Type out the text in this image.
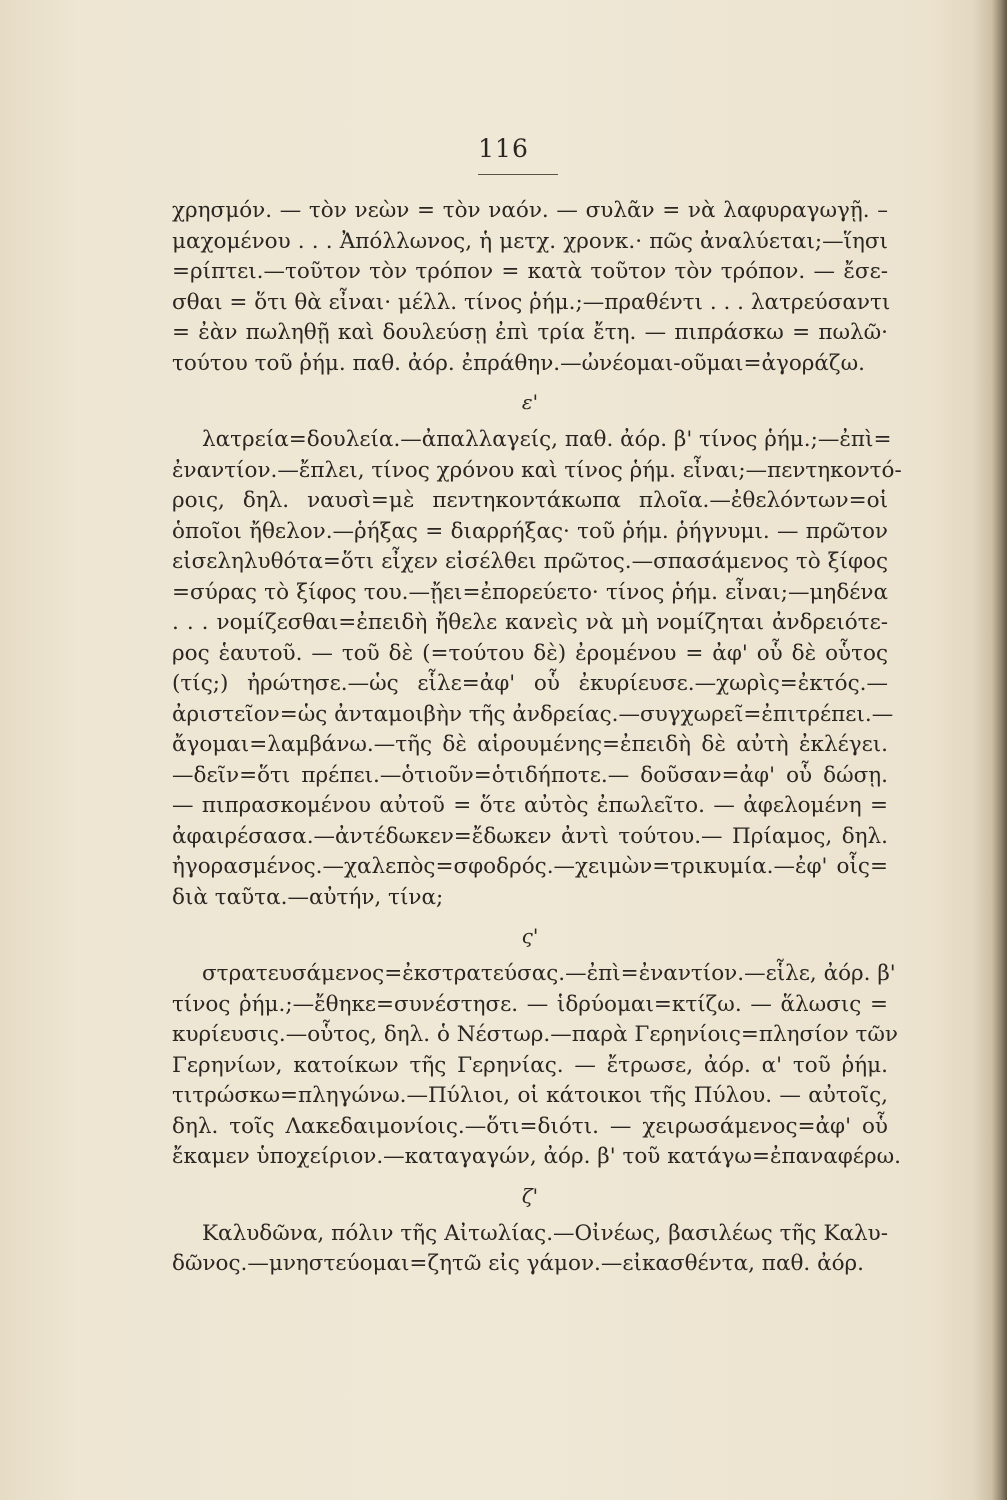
116
χρησμόν. — τὸν νεὼν = τὸν ναόν. — συλᾶν = νὰ λαφυραγωγῇ. –
μαχομένου . . . Ἀπόλλωνος, ἡ μετχ. χρονκ.· πῶς ἀναλύεται;—ἵησι
=ρίπτει.—τοῦτον τὸν τρόπον = κατὰ τοῦτον τὸν τρόπον. — ἔσε-
σθαι = ὅτι θὰ εἶναι· μέλλ. τίνος ῥήμ.;—πραθέντι . . . λατρεύσαντι
= ἐὰν πωληθῇ καὶ δουλεύσῃ ἐπὶ τρία ἔτη. — πιπράσκω = πωλῶ·
τούτου τοῦ ῥήμ. παθ. ἀόρ. ἐπράθην.—ὠνέομαι-οῦμαι=ἀγοράζω.
ε'
λατρεία=δουλεία.—ἀπαλλαγείς, παθ. ἀόρ. β' τίνος ῥήμ.;—ἐπὶ=
ἐναντίον.—ἔπλει, τίνος χρόνου καὶ τίνος ῥήμ. εἶναι;—πεντηκοντό-
ροις, δηλ. ναυσὶ=μὲ πεντηκοντάκωπα πλοῖα.—ἐθελόντων=οἱ
ὁποῖοι ἤθελον.—ῥήξας = διαρρήξας· τοῦ ῥήμ. ῥήγνυμι. — πρῶτον
εἰσεληλυθότα=ὅτι εἶχεν εἰσέλθει πρῶτος.—σπασάμενος τὸ ξίφος
=σύρας τὸ ξίφος του.—ᾔει=ἐπορεύετο· τίνος ῥήμ. εἶναι;—μηδένα
. . . νομίζεσθαι=ἐπειδὴ ἤθελε κανεὶς νὰ μὴ νομίζηται ἀνδρειότε-
ρος ἑαυτοῦ. — τοῦ δὲ (=τούτου δὲ) ἐρομένου = ἀφ' οὗ δὲ οὗτος
(τίς;) ἠρώτησε.—ὡς εἷλε=ἀφ' οὗ ἐκυρίευσε.—χωρὶς=ἐκτός.—
ἀριστεῖον=ὡς ἀνταμοιβὴν τῆς ἀνδρείας.—συγχωρεῖ=ἐπιτρέπει.—
ἄγομαι=λαμβάνω.—τῆς δὲ αἱρουμένης=ἐπειδὴ δὲ αὐτὴ ἐκλέγει.
—δεῖν=ὅτι πρέπει.—ὁτιοῦν=ὁτιδήποτε.— δοῦσαν=ἀφ' οὗ δώσῃ.
— πιπρασκομένου αὐτοῦ = ὅτε αὐτὸς ἐπωλεῖτο. — ἀφελομένη =
ἀφαιρέσασα.—ἀντέδωκεν=ἔδωκεν ἀντὶ τούτου.— Πρίαμος, δηλ.
ἠγορασμένος.—χαλεπὸς=σφοδρός.—χειμὼν=τρικυμία.—ἐφ' οἷς=
διὰ ταῦτα.—αὐτήν, τίνα;
ς'
στρατευσάμενος=ἐκστρατεύσας.—ἐπὶ=ἐναντίον.—εἷλε, ἀόρ. β'
τίνος ῥήμ.;—ἔθηκε=συνέστησε. — ἱδρύομαι=κτίζω. — ἅλωσις =
κυρίευσις.—οὗτος, δηλ. ὁ Νέστωρ.—παρὰ Γερηνίοις=πλησίον τῶν
Γερηνίων, κατοίκων τῆς Γερηνίας. — ἔτρωσε, ἀόρ. α' τοῦ ῥήμ.
τιτρώσκω=πληγώνω.—Πύλιοι, οἱ κάτοικοι τῆς Πύλου. — αὐτοῖς,
δηλ. τοῖς Λακεδαιμονίοις.—ὅτι=διότι. — χειρωσάμενος=ἀφ' οὗ
ἔκαμεν ὑποχείριον.—καταγαγών, ἀόρ. β' τοῦ κατάγω=ἐπαναφέρω.
ζ'
Καλυδῶνα, πόλιν τῆς Αἰτωλίας.—Οἰνέως, βασιλέως τῆς Καλυ-
δῶνος.—μνηστεύομαι=ζητῶ εἰς γάμον.—εἰκασθέντα, παθ. ἀόρ.
